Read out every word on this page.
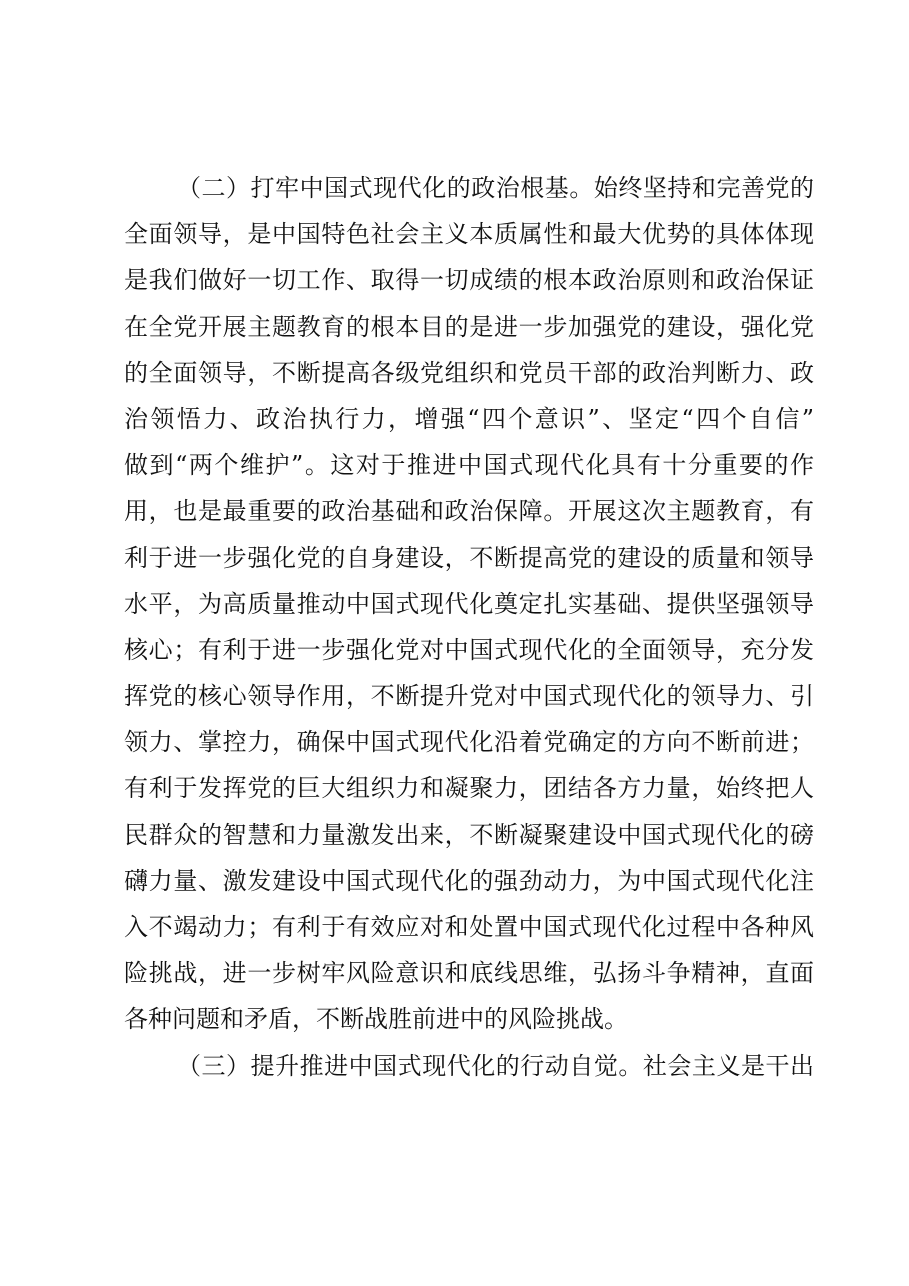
（二）打牢中国式现代化的政治根基。始终坚持和完善党的
全面领导，是中国特色社会主义本质属性和最大优势的具体体现
是我们做好一切工作、取得一切成绩的根本政治原则和政治保证
在全党开展主题教育的根本目的是进一步加强党的建设，强化党
的全面领导，不断提高各级党组织和党员干部的政治判断力、政
治领悟力、政治执行力，增强“四个意识”、坚定“四个自信”
做到“两个维护”。这对于推进中国式现代化具有十分重要的作
用，也是最重要的政治基础和政治保障。开展这次主题教育，有
利于进一步强化党的自身建设，不断提高党的建设的质量和领导
水平，为高质量推动中国式现代化奠定扎实基础、提供坚强领导
核心；有利于进一步强化党对中国式现代化的全面领导，充分发
挥党的核心领导作用，不断提升党对中国式现代化的领导力、引
领力、掌控力，确保中国式现代化沿着党确定的方向不断前进；
有利于发挥党的巨大组织力和凝聚力，团结各方力量，始终把人
民群众的智慧和力量激发出来，不断凝聚建设中国式现代化的磅
礴力量、激发建设中国式现代化的强劲动力，为中国式现代化注
入不竭动力；有利于有效应对和处置中国式现代化过程中各种风
险挑战，进一步树牢风险意识和底线思维，弘扬斗争精神，直面
各种问题和矛盾，不断战胜前进中的风险挑战。

（三）提升推进中国式现代化的行动自觉。社会主义是干出
